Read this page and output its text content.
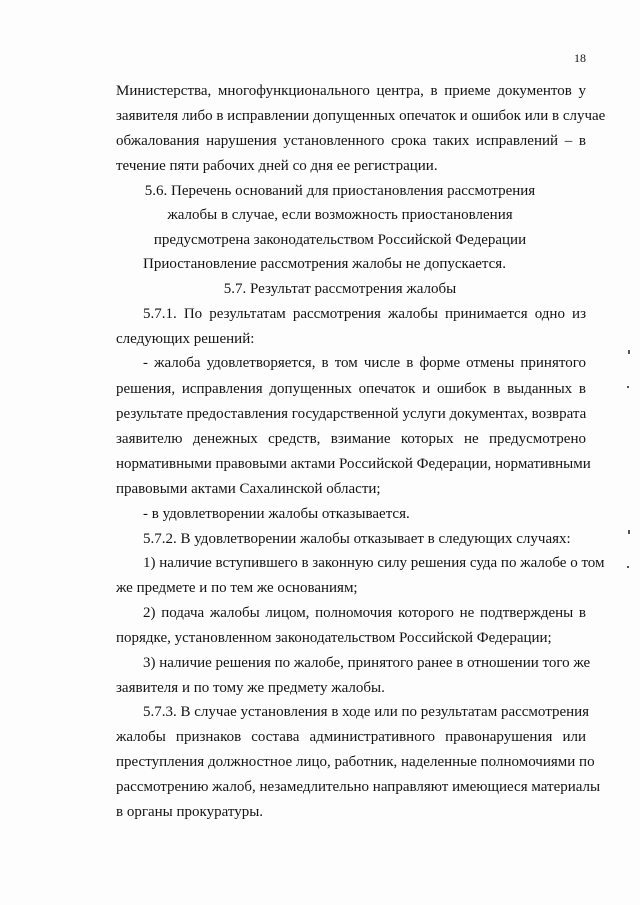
18
Министерства, многофункционального центра, в приеме документов у
заявителя либо в исправлении допущенных опечаток и ошибок или в случае
обжалования нарушения установленного срока таких исправлений – в
течение пяти рабочих дней со дня ее регистрации.
5.6. Перечень оснований для приостановления рассмотрения
жалобы в случае, если возможность приостановления
предусмотрена законодательством Российской Федерации
Приостановление рассмотрения жалобы не допускается.
5.7. Результат рассмотрения жалобы
5.7.1. По результатам рассмотрения жалобы принимается одно из
следующих решений:
- жалоба удовлетворяется, в том числе в форме отмены принятого
решения, исправления допущенных опечаток и ошибок в выданных в
результате предоставления государственной услуги документах, возврата
заявителю денежных средств, взимание которых не предусмотрено
нормативными правовыми актами Российской Федерации, нормативными
правовыми актами Сахалинской области;
- в удовлетворении жалобы отказывается.
5.7.2. В удовлетворении жалобы отказывает в следующих случаях:
1) наличие вступившего в законную силу решения суда по жалобе о том
же предмете и по тем же основаниям;
2) подача жалобы лицом, полномочия которого не подтверждены в
порядке, установленном законодательством Российской Федерации;
3) наличие решения по жалобе, принятого ранее в отношении того же
заявителя и по тому же предмету жалобы.
5.7.3. В случае установления в ходе или по результатам рассмотрения
жалобы признаков состава административного правонарушения или
преступления должностное лицо, работник, наделенные полномочиями по
рассмотрению жалоб, незамедлительно направляют имеющиеся материалы
в органы прокуратуры.
